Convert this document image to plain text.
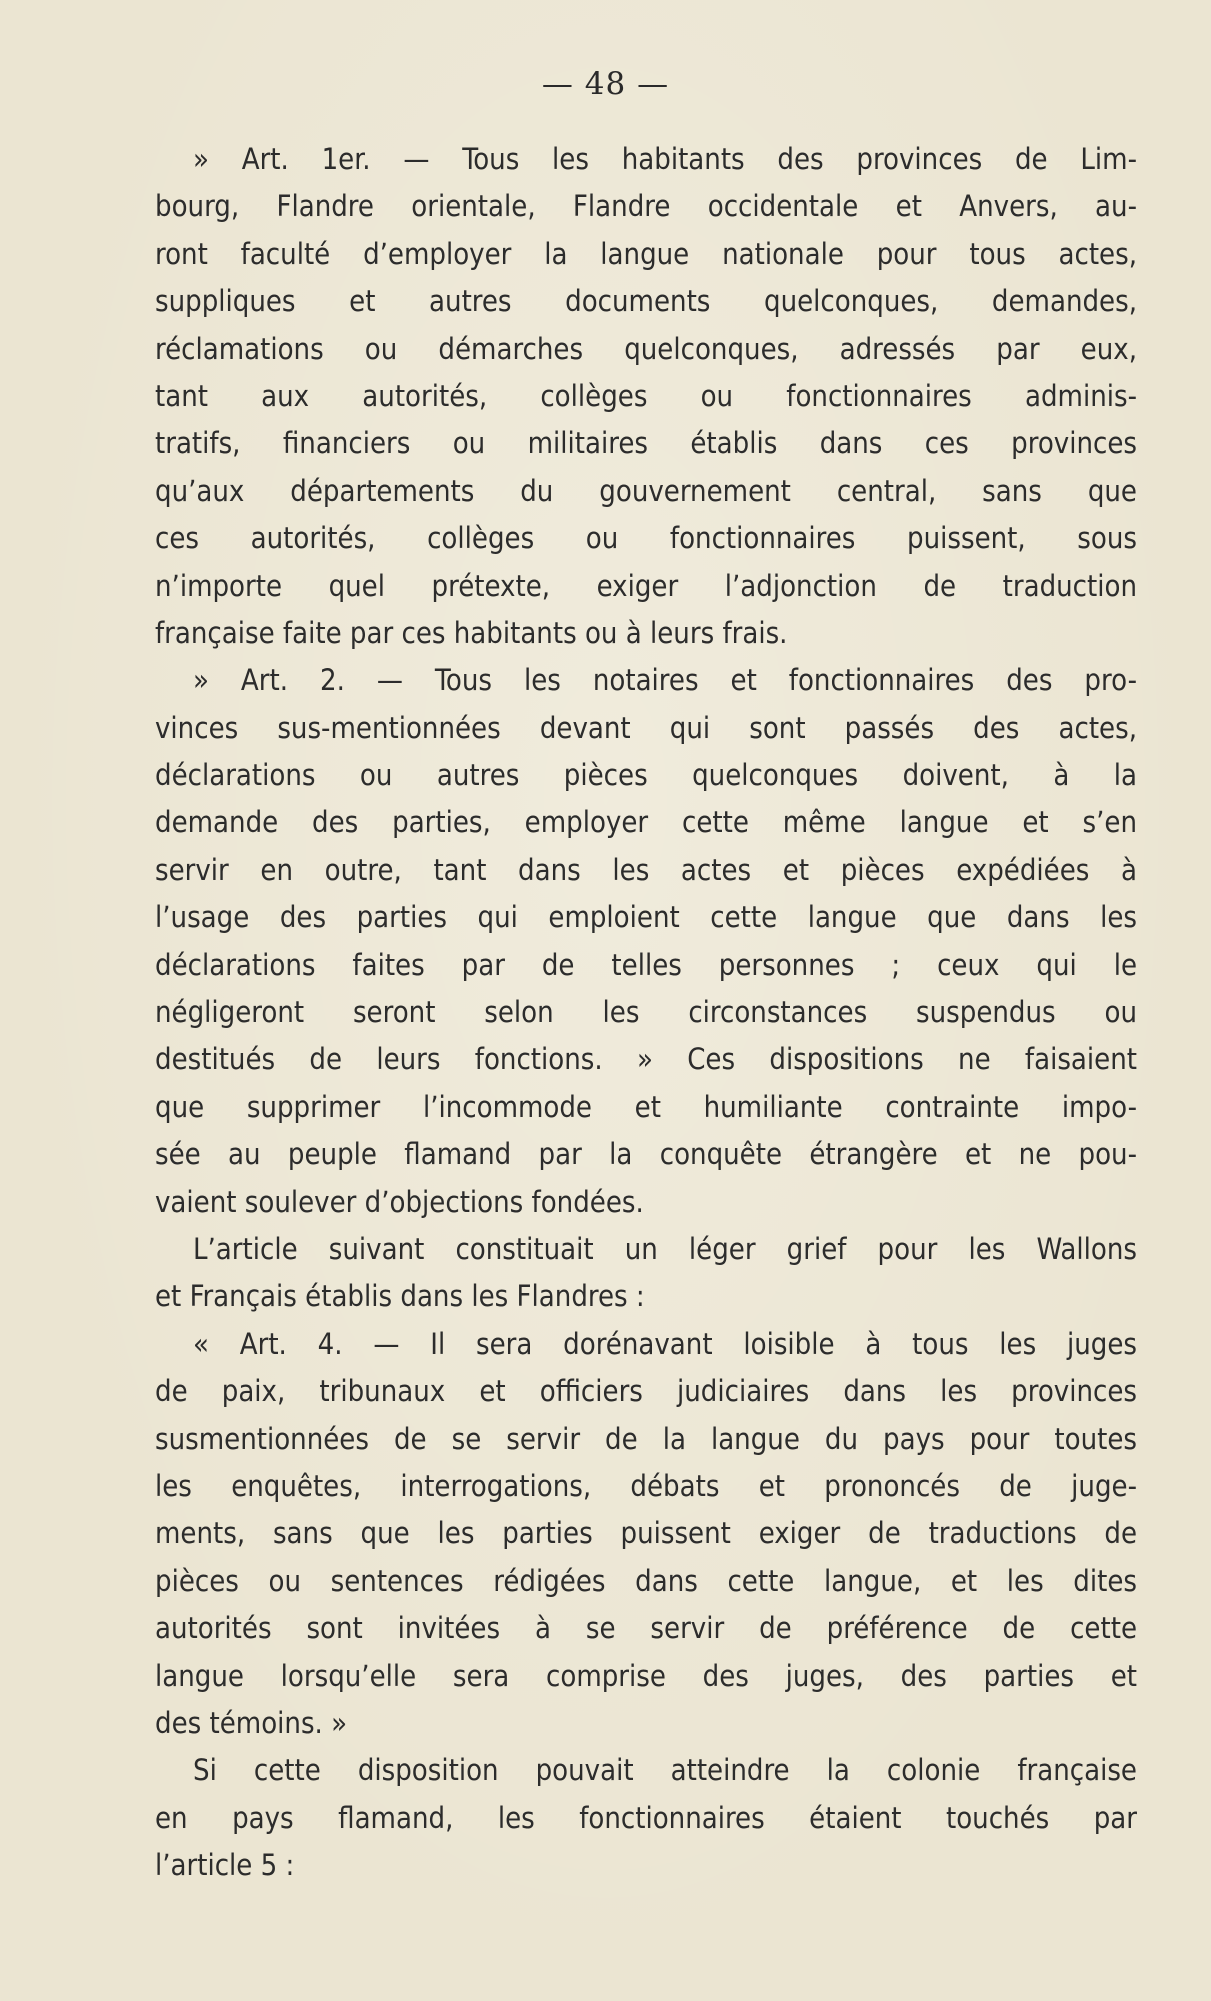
— 48 —
» Art. 1er. — Tous les habitants des provinces de Lim-
bourg, Flandre orientale, Flandre occidentale et Anvers, au-
ront faculté d’employer la langue nationale pour tous actes,
suppliques et autres documents quelconques, demandes,
réclamations ou démarches quelconques, adressés par eux,
tant aux autorités, collèges ou fonctionnaires adminis-
tratifs, financiers ou militaires établis dans ces provinces
qu’aux départements du gouvernement central, sans que
ces autorités, collèges ou fonctionnaires puissent, sous
n’importe quel prétexte, exiger l’adjonction de traduction
française faite par ces habitants ou à leurs frais.
» Art. 2. — Tous les notaires et fonctionnaires des pro-
vinces sus-mentionnées devant qui sont passés des actes,
déclarations ou autres pièces quelconques doivent, à la
demande des parties, employer cette même langue et s’en
servir en outre, tant dans les actes et pièces expédiées à
l’usage des parties qui emploient cette langue que dans les
déclarations faites par de telles personnes ; ceux qui le
négligeront seront selon les circonstances suspendus ou
destitués de leurs fonctions. » Ces dispositions ne faisaient
que supprimer l’incommode et humiliante contrainte impo-
sée au peuple flamand par la conquête étrangère et ne pou-
vaient soulever d’objections fondées.
L’article suivant constituait un léger grief pour les Wallons
et Français établis dans les Flandres :
« Art. 4. — Il sera dorénavant loisible à tous les juges
de paix, tribunaux et officiers judiciaires dans les provinces
susmentionnées de se servir de la langue du pays pour toutes
les enquêtes, interrogations, débats et prononcés de juge-
ments, sans que les parties puissent exiger de traductions de
pièces ou sentences rédigées dans cette langue, et les dites
autorités sont invitées à se servir de préférence de cette
langue lorsqu’elle sera comprise des juges, des parties et
des témoins. »
Si cette disposition pouvait atteindre la colonie française
en pays flamand, les fonctionnaires étaient touchés par
l’article 5 :
